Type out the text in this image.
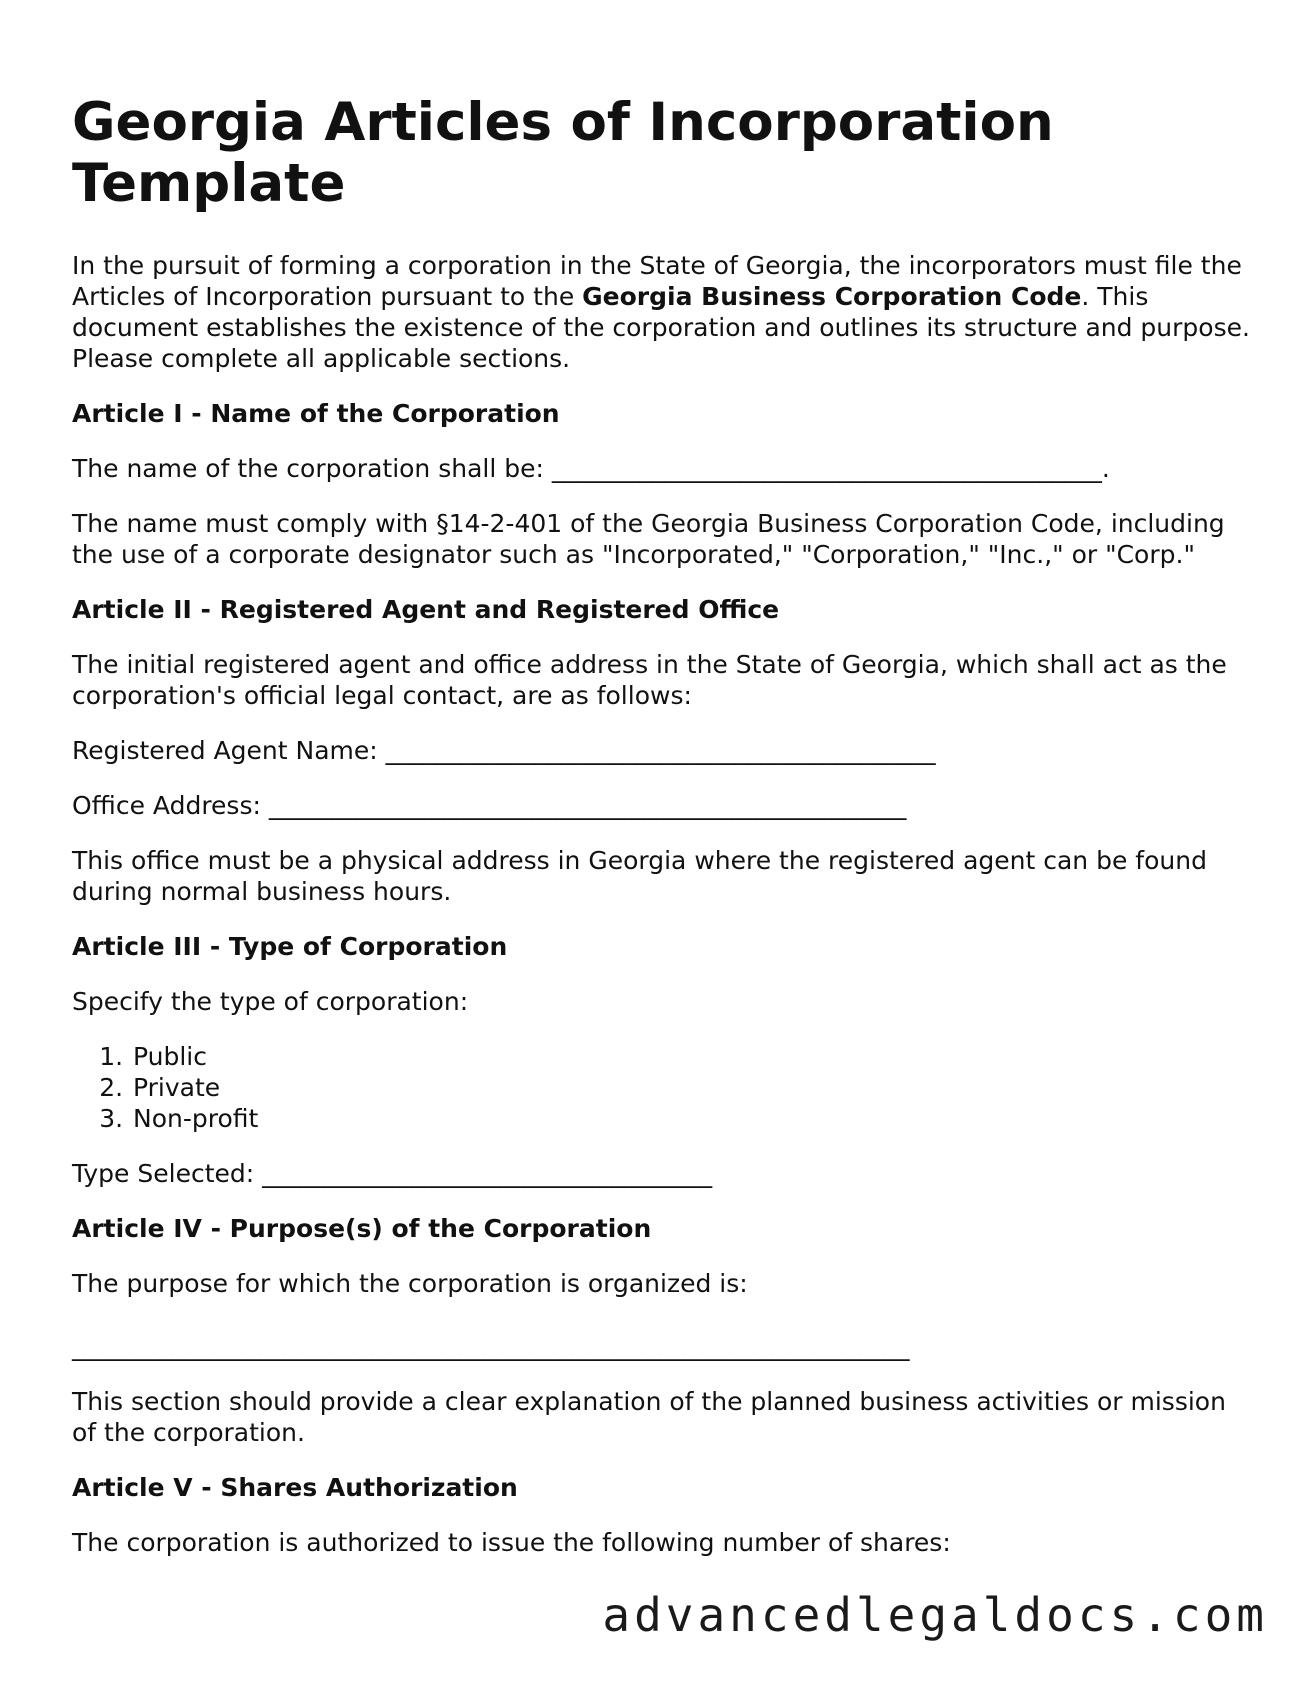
Georgia Articles of Incorporation Template

In the pursuit of forming a corporation in the State of Georgia, the incorporators must file the Articles of Incorporation pursuant to the Georgia Business Corporation Code. This document establishes the existence of the corporation and outlines its structure and purpose. Please complete all applicable sections.

Article I - Name of the Corporation

The name of the corporation shall be: ____________________________________________.

The name must comply with §14-2-401 of the Georgia Business Corporation Code, including the use of a corporate designator such as "Incorporated," "Corporation," "Inc.," or "Corp."

Article II - Registered Agent and Registered Office

The initial registered agent and office address in the State of Georgia, which shall act as the corporation's official legal contact, are as follows:

Registered Agent Name: ____________________________________________

Office Address: ___________________________________________________

This office must be a physical address in Georgia where the registered agent can be found during normal business hours.

Article III - Type of Corporation

Specify the type of corporation:

1. Public
2. Private
3. Non-profit

Type Selected: ____________________________________

Article IV - Purpose(s) of the Corporation

The purpose for which the corporation is organized is:

___________________________________________________________________

This section should provide a clear explanation of the planned business activities or mission of the corporation.

Article V - Shares Authorization

The corporation is authorized to issue the following number of shares:

advancedlegaldocs.com
